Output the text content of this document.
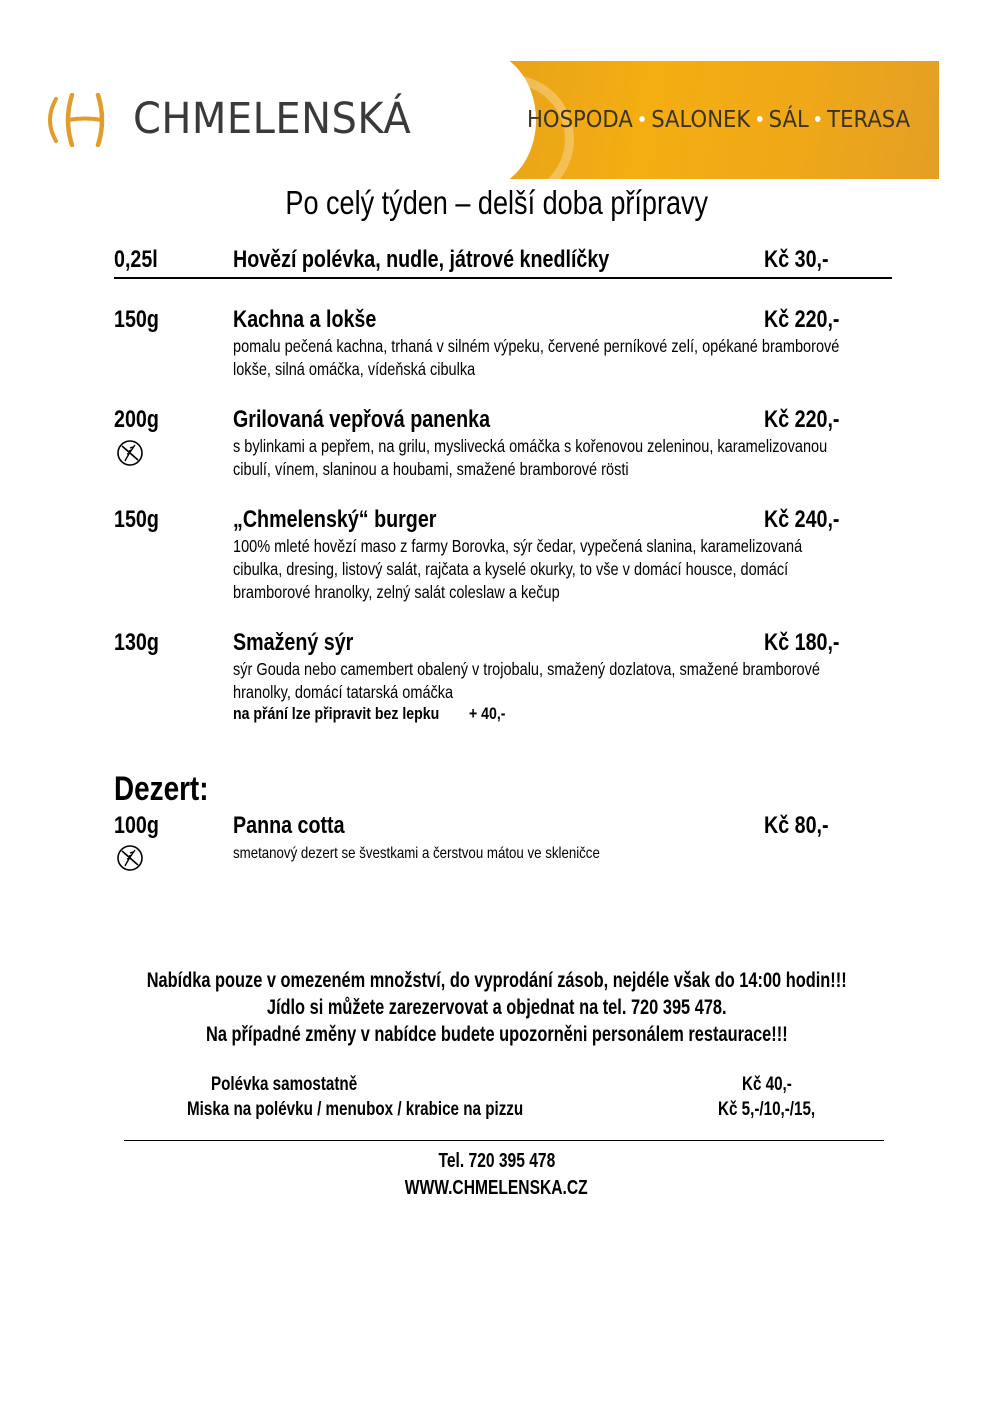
CHMELENSKÁ	HOSPODA SALONEK SÁL TERASA
Po celý týden – delší doba přípravy
0,25l	Hovězí polévka, nudle, játrové knedlíčky	Kč 30,-
150g	Kachna a lokše	Kč 220,-
pomalu pečená kachna, trhaná v silném výpeku, červené perníkové zelí, opékané bramborové
lokše, silná omáčka, vídeňská cibulka
200g	Grilovaná vepřová panenka	Kč 220,-
s bylinkami a pepřem, na grilu, myslivecká omáčka s kořenovou zeleninou, karamelizovanou
cibulí, vínem, slaninou a houbami, smažené bramborové rösti
150g	„Chmelenský“ burger	Kč 240,-
100% mleté hovězí maso z farmy Borovka, sýr čedar, vypečená slanina, karamelizovaná
cibulka, dresing, listový salát, rajčata a kyselé okurky, to vše v domácí housce, domácí
bramborové hranolky, zelný salát coleslaw a kečup
130g	Smažený sýr	Kč 180,-
sýr Gouda nebo camembert obalený v trojobalu, smažený dozlatova, smažené bramborové
hranolky, domácí tatarská omáčka
na přání lze připravit bez lepku	+ 40,-
Dezert:
100g	Panna cotta	Kč 80,-
smetanový dezert se švestkami a čerstvou mátou ve skleničce
Nabídka pouze v omezeném množství, do vyprodání zásob, nejdéle však do 14:00 hodin!!!
Jídlo si můžete zarezervovat a objednat na tel. 720 395 478.
Na případné změny v nabídce budete upozorněni personálem restaurace!!!
Polévka samostatně	Kč 40,-
Miska na polévku / menubox / krabice na pizzu	Kč 5,-/10,-/15,
Tel. 720 395 478
WWW.CHMELENSKA.CZ
